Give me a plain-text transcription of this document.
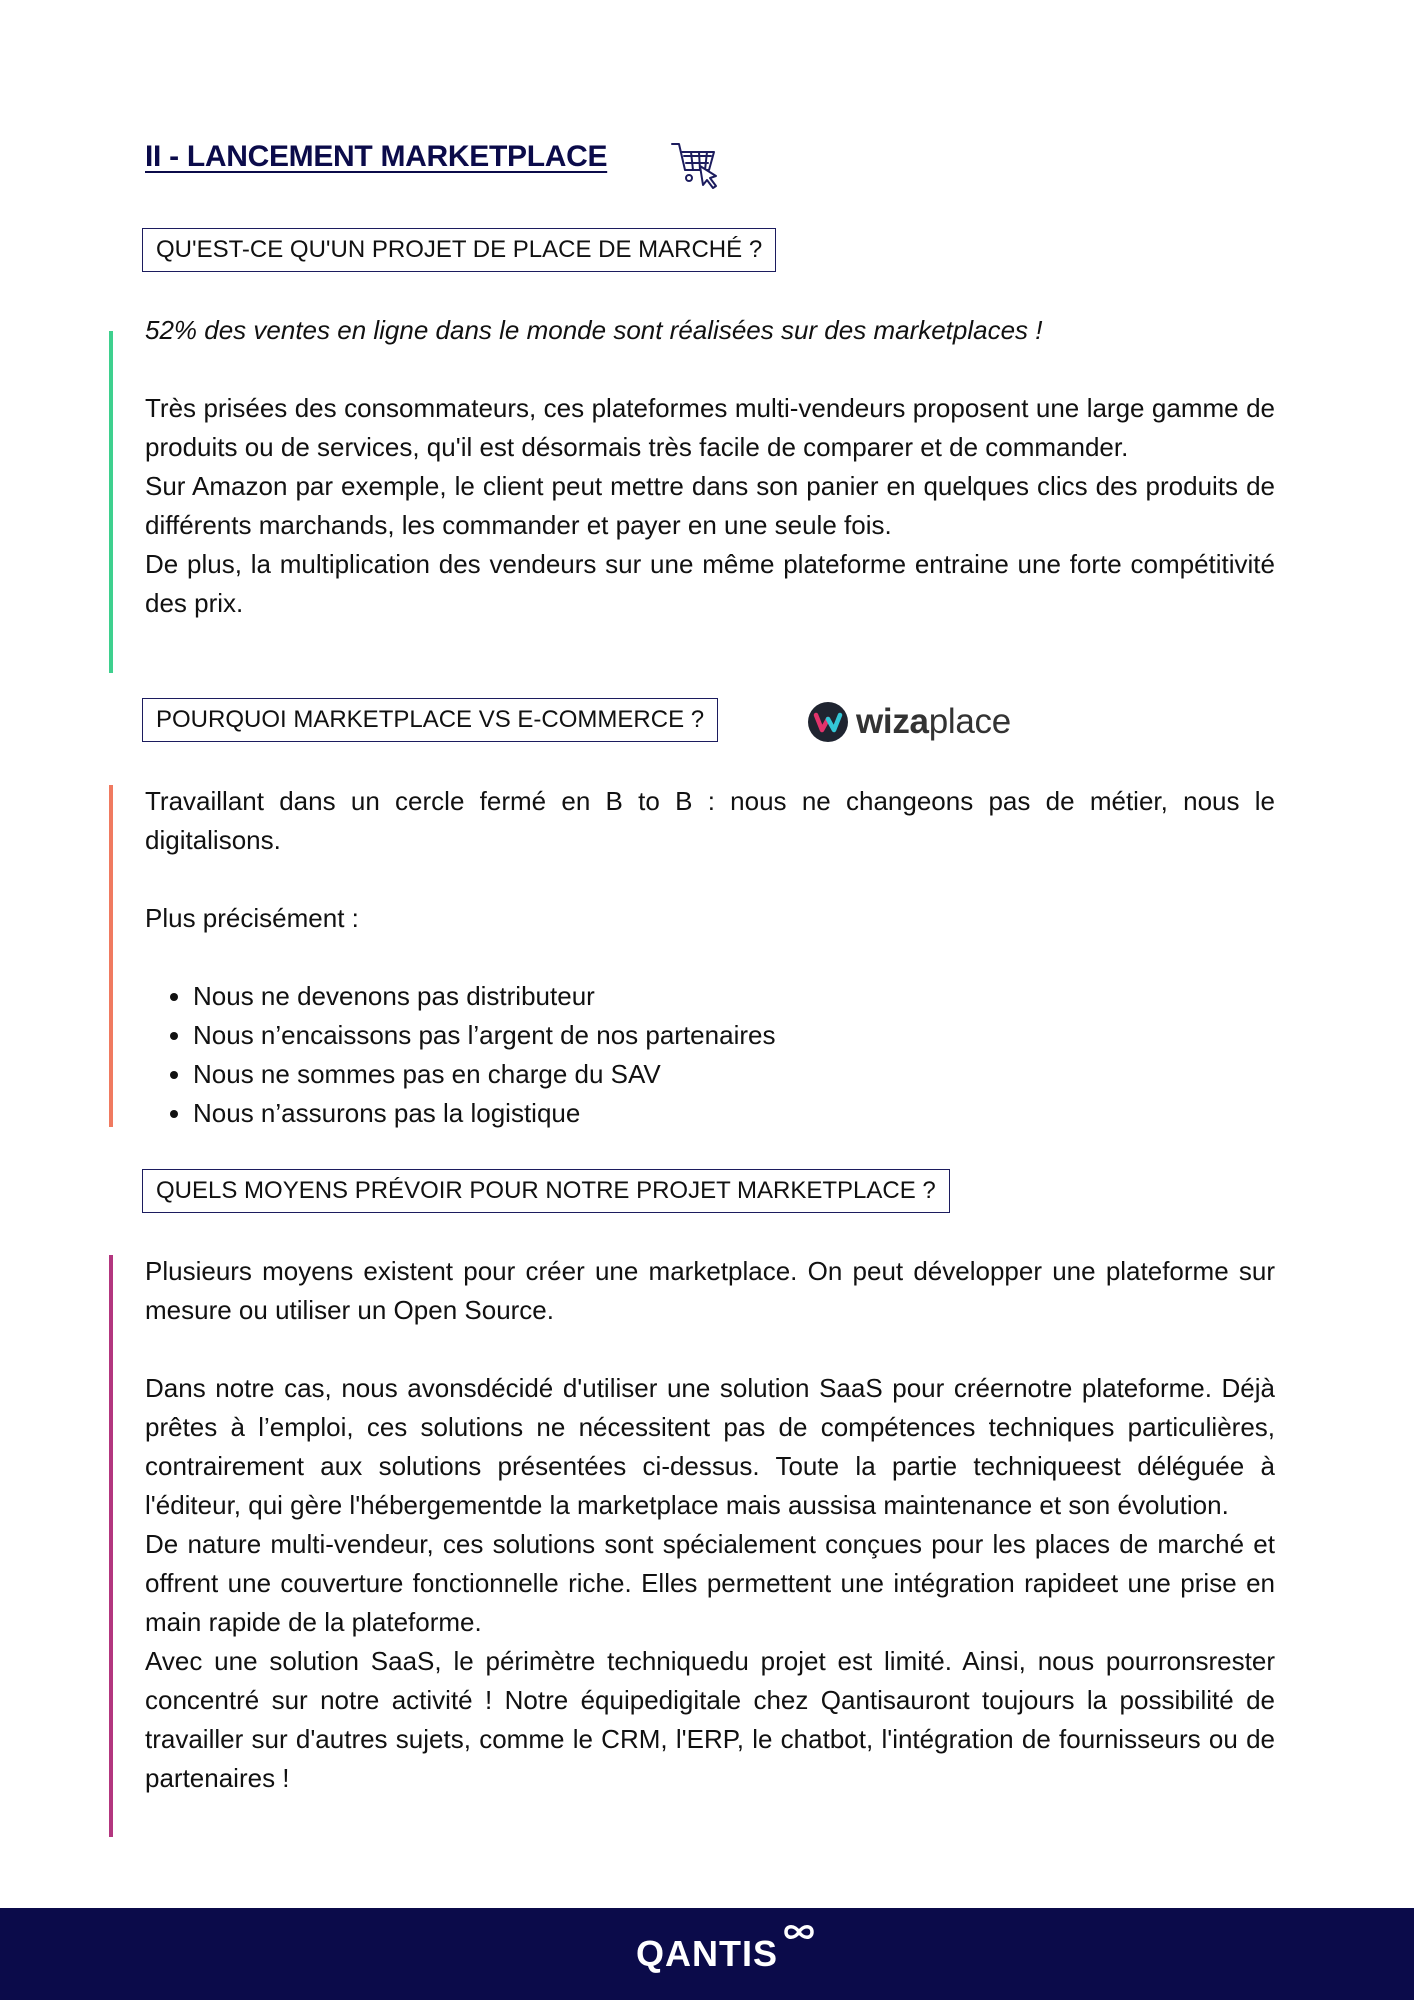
II - LANCEMENT MARKETPLACE
QU'EST-CE QU'UN PROJET DE PLACE DE MARCHÉ ?

52% des ventes en ligne dans le monde sont réalisées sur des marketplaces !

Très prisées des consommateurs, ces plateformes multi-vendeurs proposent une large gamme de produits ou de services, qu'il est désormais très facile de comparer et de commander.

Sur Amazon par exemple, le client peut mettre dans son panier en quelques clics des produits de différents marchands, les commander et payer en une seule fois.

De plus, la multiplication des vendeurs sur une même plateforme entraine une forte compétitivité des prix.

POURQUOI MARKETPLACE VS E-COMMERCE ?	wizaplace

Travaillant dans un cercle fermé en B to B : nous ne changeons pas de métier, nous le digitalisons.

Plus précisément :

• Nous ne devenons pas distributeur
• Nous n’encaissons pas l’argent de nos partenaires
• Nous ne sommes pas en charge du SAV
• Nous n’assurons pas la logistique
QUELS MOYENS PRÉVOIR POUR NOTRE PROJET MARKETPLACE ?

Plusieurs moyens existent pour créer une marketplace. On peut développer une plateforme sur mesure ou utiliser un Open Source.

Dans notre cas, nous avonsdécidé d'utiliser une solution SaaS pour créernotre plateforme. Déjà prêtes à l’emploi, ces solutions ne nécessitent pas de compétences techniques particulières, contrairement aux solutions présentées ci-dessus. Toute la partie techniqueest déléguée à l'éditeur, qui gère l'hébergementde la marketplace mais aussisa maintenance et son évolution.

De nature multi-vendeur, ces solutions sont spécialement conçues pour les places de marché et offrent une couverture fonctionnelle riche. Elles permettent une intégration rapideet une prise en main rapide de la plateforme.

Avec une solution SaaS, le périmètre techniquedu projet est limité. Ainsi, nous pourronsrester concentré sur notre activité ! Notre équipedigitale chez Qantisauront toujours la possibilité de travailler sur d'autres sujets, comme le CRM, l'ERP, le chatbot, l'intégration de fournisseurs ou de partenaires !

QANTIS
